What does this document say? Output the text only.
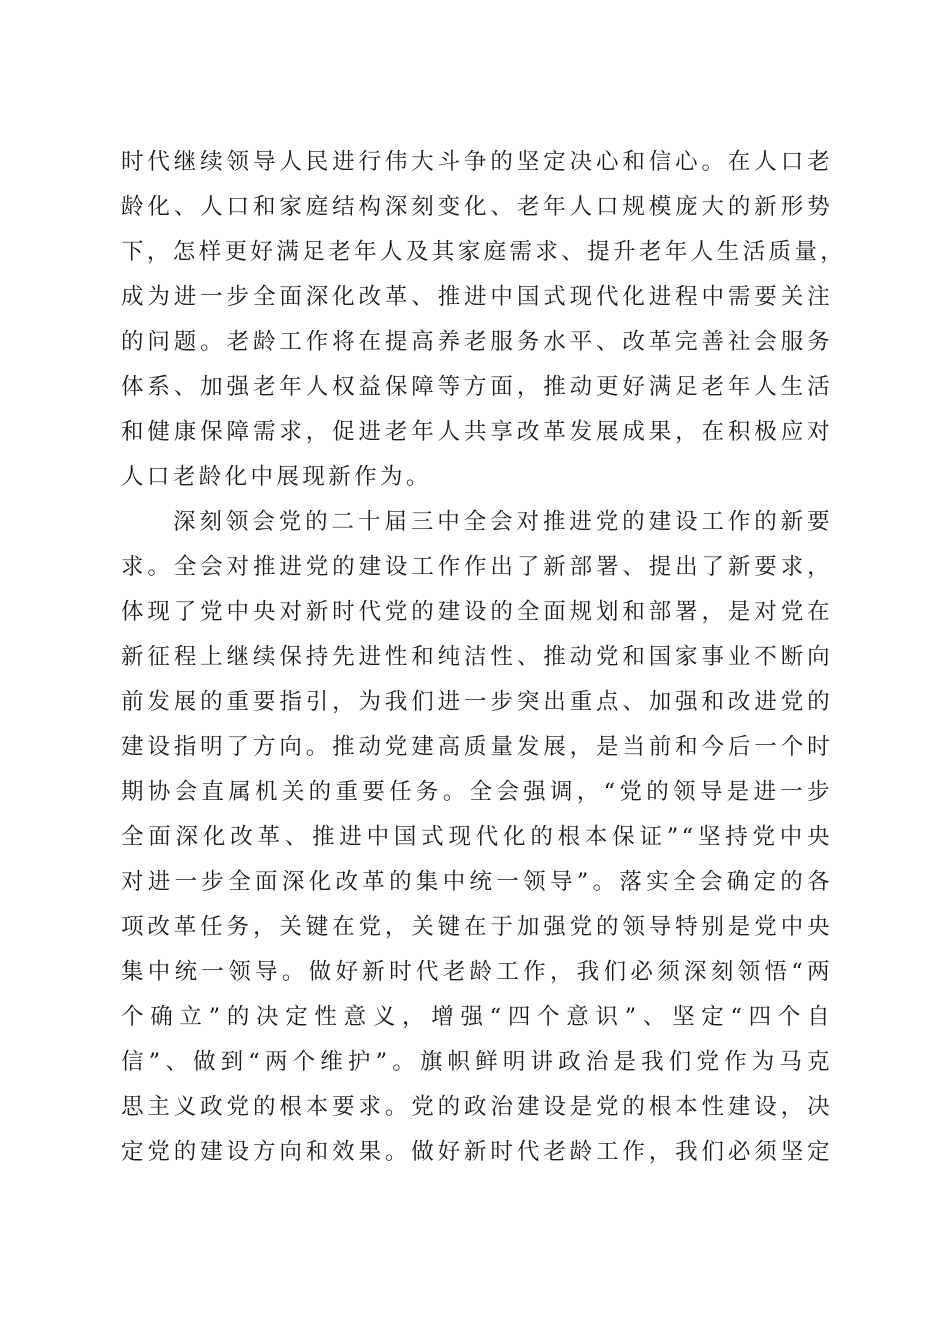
时代继续领导人民进行伟大斗争的坚定决心和信心。在人口老
龄化、人口和家庭结构深刻变化、老年人口规模庞大的新形势
下，怎样更好满足老年人及其家庭需求、提升老年人生活质量，
成为进一步全面深化改革、推进中国式现代化进程中需要关注
的问题。老龄工作将在提高养老服务水平、改革完善社会服务
体系、加强老年人权益保障等方面，推动更好满足老年人生活
和健康保障需求，促进老年人共享改革发展成果，在积极应对
人口老龄化中展现新作为。
深刻领会党的二十届三中全会对推进党的建设工作的新要
求。全会对推进党的建设工作作出了新部署、提出了新要求，
体现了党中央对新时代党的建设的全面规划和部署，是对党在
新征程上继续保持先进性和纯洁性、推动党和国家事业不断向
前发展的重要指引，为我们进一步突出重点、加强和改进党的
建设指明了方向。推动党建高质量发展，是当前和今后一个时
期协会直属机关的重要任务。全会强调，“党的领导是进一步
全面深化改革、推进中国式现代化的根本保证”“坚持党中央
对进一步全面深化改革的集中统一领导”。落实全会确定的各
项改革任务，关键在党，关键在于加强党的领导特别是党中央
集中统一领导。做好新时代老龄工作，我们必须深刻领悟“两
个确立”的决定性意义，增强“四个意识”、坚定“四个自
信”、做到“两个维护”。旗帜鲜明讲政治是我们党作为马克
思主义政党的根本要求。党的政治建设是党的根本性建设，决
定党的建设方向和效果。做好新时代老龄工作，我们必须坚定
